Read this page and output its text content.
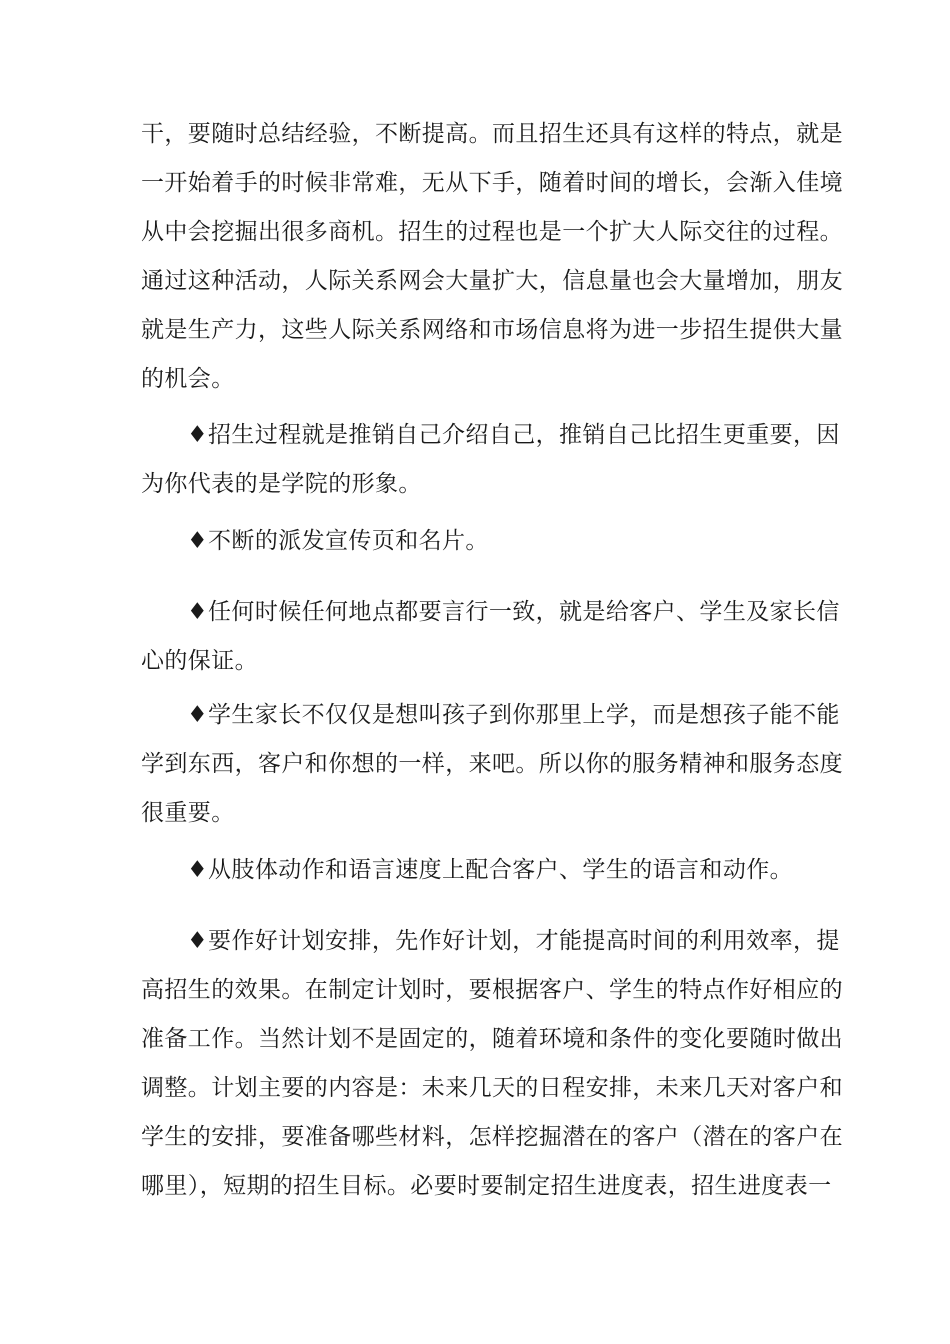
干，要随时总结经验，不断提高。而且招生还具有这样的特点，就是
一开始着手的时候非常难，无从下手，随着时间的增长，会渐入佳境
从中会挖掘出很多商机。招生的过程也是一个扩大人际交往的过程。
通过这种活动，人际关系网会大量扩大，信息量也会大量增加，朋友
就是生产力，这些人际关系网络和市场信息将为进一步招生提供大量
的机会。
♦招生过程就是推销自己介绍自己，推销自己比招生更重要，因
为你代表的是学院的形象。
♦不断的派发宣传页和名片。
♦任何时候任何地点都要言行一致，就是给客户、学生及家长信
心的保证。
♦学生家长不仅仅是想叫孩子到你那里上学，而是想孩子能不能
学到东西，客户和你想的一样，来吧。所以你的服务精神和服务态度
很重要。
♦从肢体动作和语言速度上配合客户、学生的语言和动作。
♦要作好计划安排，先作好计划，才能提高时间的利用效率，提
高招生的效果。在制定计划时，要根据客户、学生的特点作好相应的
准备工作。当然计划不是固定的，随着环境和条件的变化要随时做出
调整。计划主要的内容是：未来几天的日程安排，未来几天对客户和
学生的安排，要准备哪些材料，怎样挖掘潜在的客户（潜在的客户在
哪里），短期的招生目标。必要时要制定招生进度表，招生进度表一
